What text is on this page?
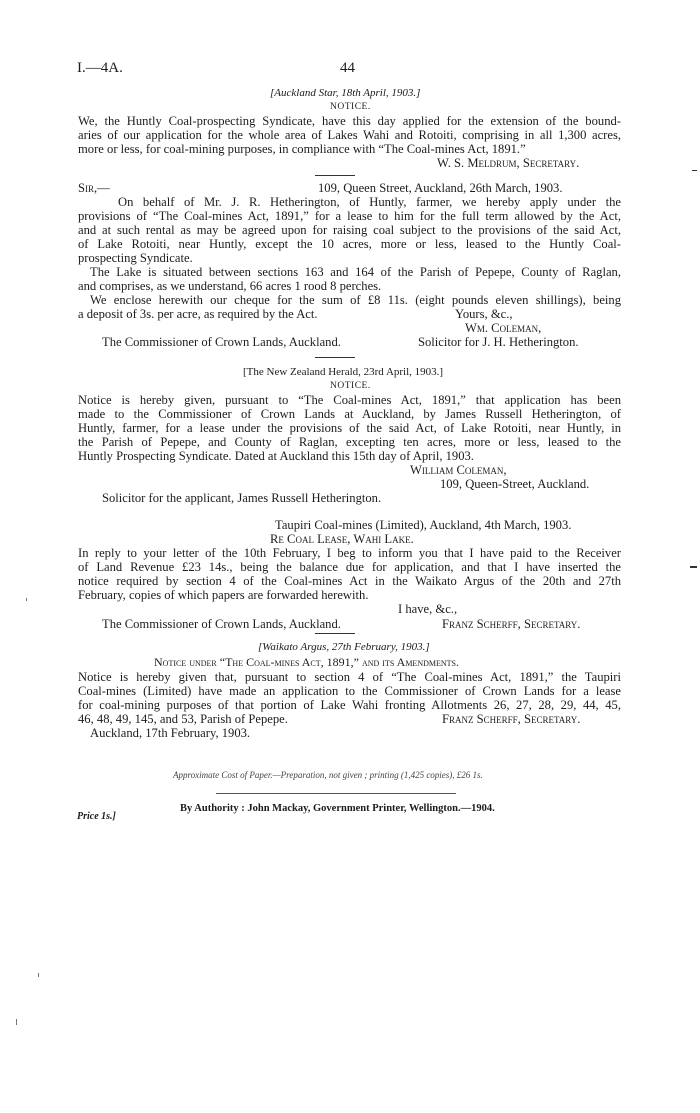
I.—4A.	44
[Auckland Star, 18th April, 1903.]
NOTICE.
We, the Huntly Coal-prospecting Syndicate, have this day applied for the extension of the bound-
aries of our application for the whole area of Lakes Wahi and Rotoiti, comprising in all 1,300 acres,
more or less, for coal-mining purposes, in compliance with “The Coal-mines Act, 1891.”
W. S. Meldrum, Secretary.
Sir,—	109, Queen Street, Auckland, 26th March, 1903.
On behalf of Mr. J. R. Hetherington, of Huntly, farmer, we hereby apply under the
provisions of “The Coal-mines Act, 1891,” for a lease to him for the full term allowed by the Act,
and at such rental as may be agreed upon for raising coal subject to the provisions of the said Act,
of Lake Rotoiti, near Huntly, except the 10 acres, more or less, leased to the Huntly Coal-
prospecting Syndicate.
The Lake is situated between sections 163 and 164 of the Parish of Pepepe, County of Raglan,
and comprises, as we understand, 66 acres 1 rood 8 perches.
We enclose herewith our cheque for the sum of £8 11s. (eight pounds eleven shillings), being
a deposit of 3s. per acre, as required by the Act.	Yours, &c.,
Wm. Coleman,
The Commissioner of Crown Lands, Auckland.	Solicitor for J. H. Hetherington.
[The New Zealand Herald, 23rd April, 1903.]
NOTICE.
Notice is hereby given, pursuant to “The Coal-mines Act, 1891,” that application has been
made to the Commissioner of Crown Lands at Auckland, by James Russell Hetherington, of
Huntly, farmer, for a lease under the provisions of the said Act, of Lake Rotoiti, near Huntly, in
the Parish of Pepepe, and County of Raglan, excepting ten acres, more or less, leased to the
Huntly Prospecting Syndicate. Dated at Auckland this 15th day of April, 1903.
William Coleman,
109, Queen-Street, Auckland.
Solicitor for the applicant, James Russell Hetherington.
Taupiri Coal-mines (Limited), Auckland, 4th March, 1903.
Re Coal Lease, Wahi Lake.
In reply to your letter of the 10th February, I beg to inform you that I have paid to the Receiver
of Land Revenue £23 14s., being the balance due for application, and that I have inserted the
notice required by section 4 of the Coal-mines Act in the Waikato Argus of the 20th and 27th
February, copies of which papers are forwarded herewith.
I have, &c.,
The Commissioner of Crown Lands, Auckland.	Franz Scherff, Secretary.
[Waikato Argus, 27th February, 1903.]
Notice under “The Coal-mines Act, 1891,” and its Amendments.
Notice is hereby given that, pursuant to section 4 of “The Coal-mines Act, 1891,” the Taupiri
Coal-mines (Limited) have made an application to the Commissioner of Crown Lands for a lease
for coal-mining purposes of that portion of Lake Wahi fronting Allotments 26, 27, 28, 29, 44, 45,
46, 48, 49, 145, and 53, Parish of Pepepe.	Franz Scherff, Secretary.
Auckland, 17th February, 1903.
Approximate Cost of Paper.—Preparation, not given ; printing (1,425 copies), £26 1s.
By Authority : John Mackay, Government Printer, Wellington.—1904.
Price 1s.]
